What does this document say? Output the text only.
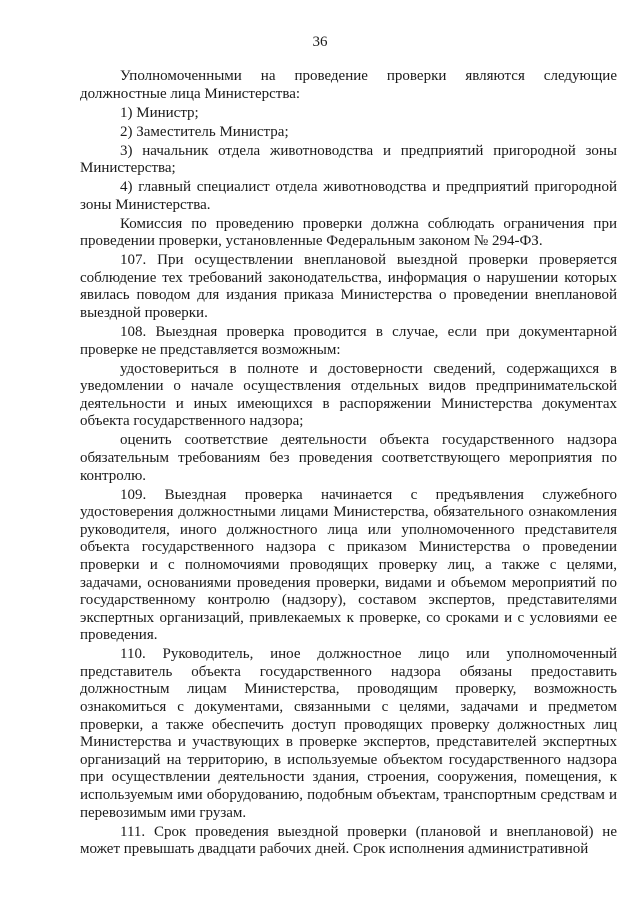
36

Уполномоченными на проведение проверки являются следующие должностные лица Министерства:

1) Министр;

2) Заместитель Министра;

3) начальник отдела животноводства и предприятий пригородной зоны Министерства;

4) главный специалист отдела животноводства и предприятий пригородной зоны Министерства.

Комиссия по проведению проверки должна соблюдать ограничения при проведении проверки, установленные Федеральным законом № 294-ФЗ.

107. При осуществлении внеплановой выездной проверки проверяется соблюдение тех требований законодательства, информация о нарушении которых явилась поводом для издания приказа Министерства о проведении внеплановой выездной проверки.

108. Выездная проверка проводится в случае, если при документарной проверке не представляется возможным:

удостовериться в полноте и достоверности сведений, содержащихся в уведомлении о начале осуществления отдельных видов предпринимательской деятельности и иных имеющихся в распоряжении Министерства документах объекта государственного надзора;

оценить соответствие деятельности объекта государственного надзора обязательным требованиям без проведения соответствующего мероприятия по контролю.

109. Выездная проверка начинается с предъявления служебного удостоверения должностными лицами Министерства, обязательного ознакомления руководителя, иного должностного лица или уполномоченного представителя объекта государственного надзора с приказом Министерства о проведении проверки и с полномочиями проводящих проверку лиц, а также с целями, задачами, основаниями проведения проверки, видами и объемом мероприятий по государственному контролю (надзору), составом экспертов, представителями экспертных организаций, привлекаемых к проверке, со сроками и с условиями ее проведения.

110. Руководитель, иное должностное лицо или уполномоченный представитель объекта государственного надзора обязаны предоставить должностным лицам Министерства, проводящим проверку, возможность ознакомиться с документами, связанными с целями, задачами и предметом проверки, а также обеспечить доступ проводящих проверку должностных лиц Министерства и участвующих в проверке экспертов, представителей экспертных организаций на территорию, в используемые объектом государственного надзора при осуществлении деятельности здания, строения, сооружения, помещения, к используемым ими оборудованию, подобным объектам, транспортным средствам и перевозимым ими грузам.

111. Срок проведения выездной проверки (плановой и внеплановой) не может превышать двадцати рабочих дней. Срок исполнения административной
